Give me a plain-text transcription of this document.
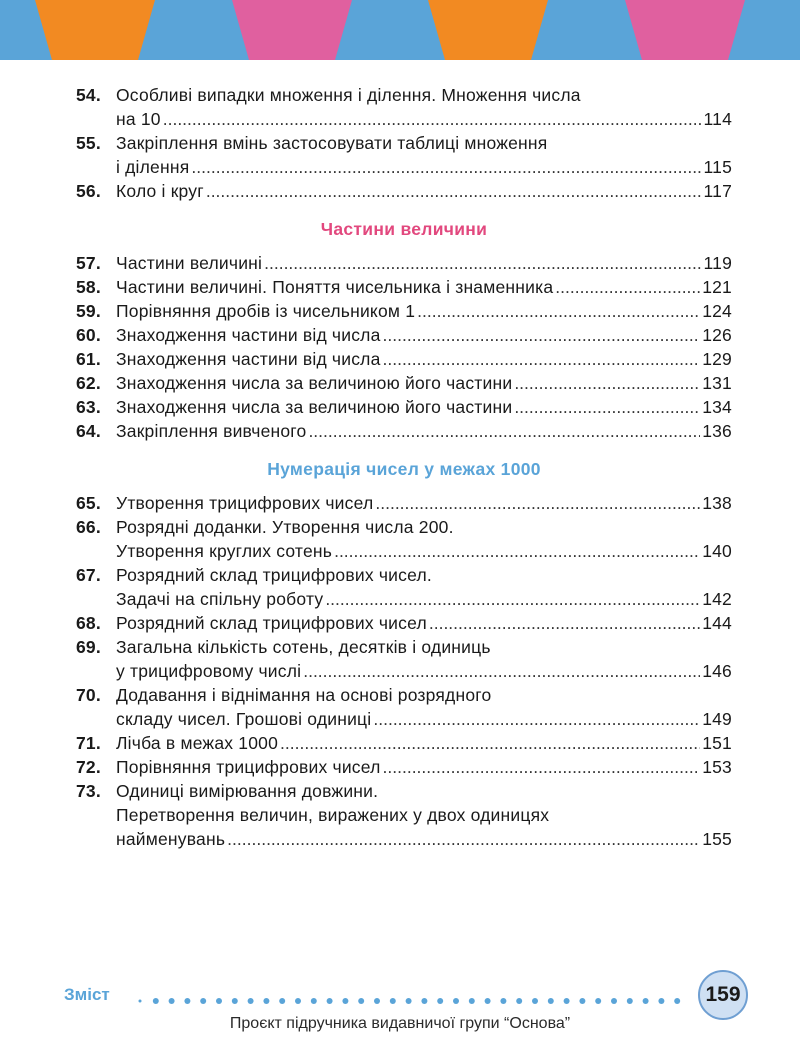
54. Особливі випадки множення і ділення. Множення числа
на 10 .....	114
55. Закріплення вмінь застосовувати таблиці множення
і ділення .....	115
56. Коло і круг .....	117
Частини величини
57. Частини величині .....	119
58. Частини величині. Поняття чисельника і знаменника .....	121
59. Порівняння дробів із чисельником 1 .....	124
60. Знаходження частини від числа .....	126
61. Знаходження частини від числа .....	129
62. Знаходження числа за величиною його частини .....	131
63. Знаходження числа за величиною його частини .....	134
64. Закріплення вивченого .....	136
Нумерація чисел у межах 1000
65. Утворення трицифрових чисел .....	138
66. Розрядні доданки. Утворення числа 200.
Утворення круглих сотень .....	140
67. Розрядний склад трицифрових чисел.
Задачі на спільну роботу .....	142
68. Розрядний склад трицифрових чисел .....	144
69. Загальна кількість сотень, десятків і одиниць
у трицифровому числі .....	146
70. Додавання і віднімання на основі розрядного
складу чисел. Грошові одиниці .....	149
71. Лічба в межах 1000 .....	151
72. Порівняння трицифрових чисел .....	153
73. Одиниці вимірювання довжини.
Перетворення величин, виражених у двох одиницях
найменувань .....	155
Зміст	159
Проєкт підручника видавничої групи “Основа”
